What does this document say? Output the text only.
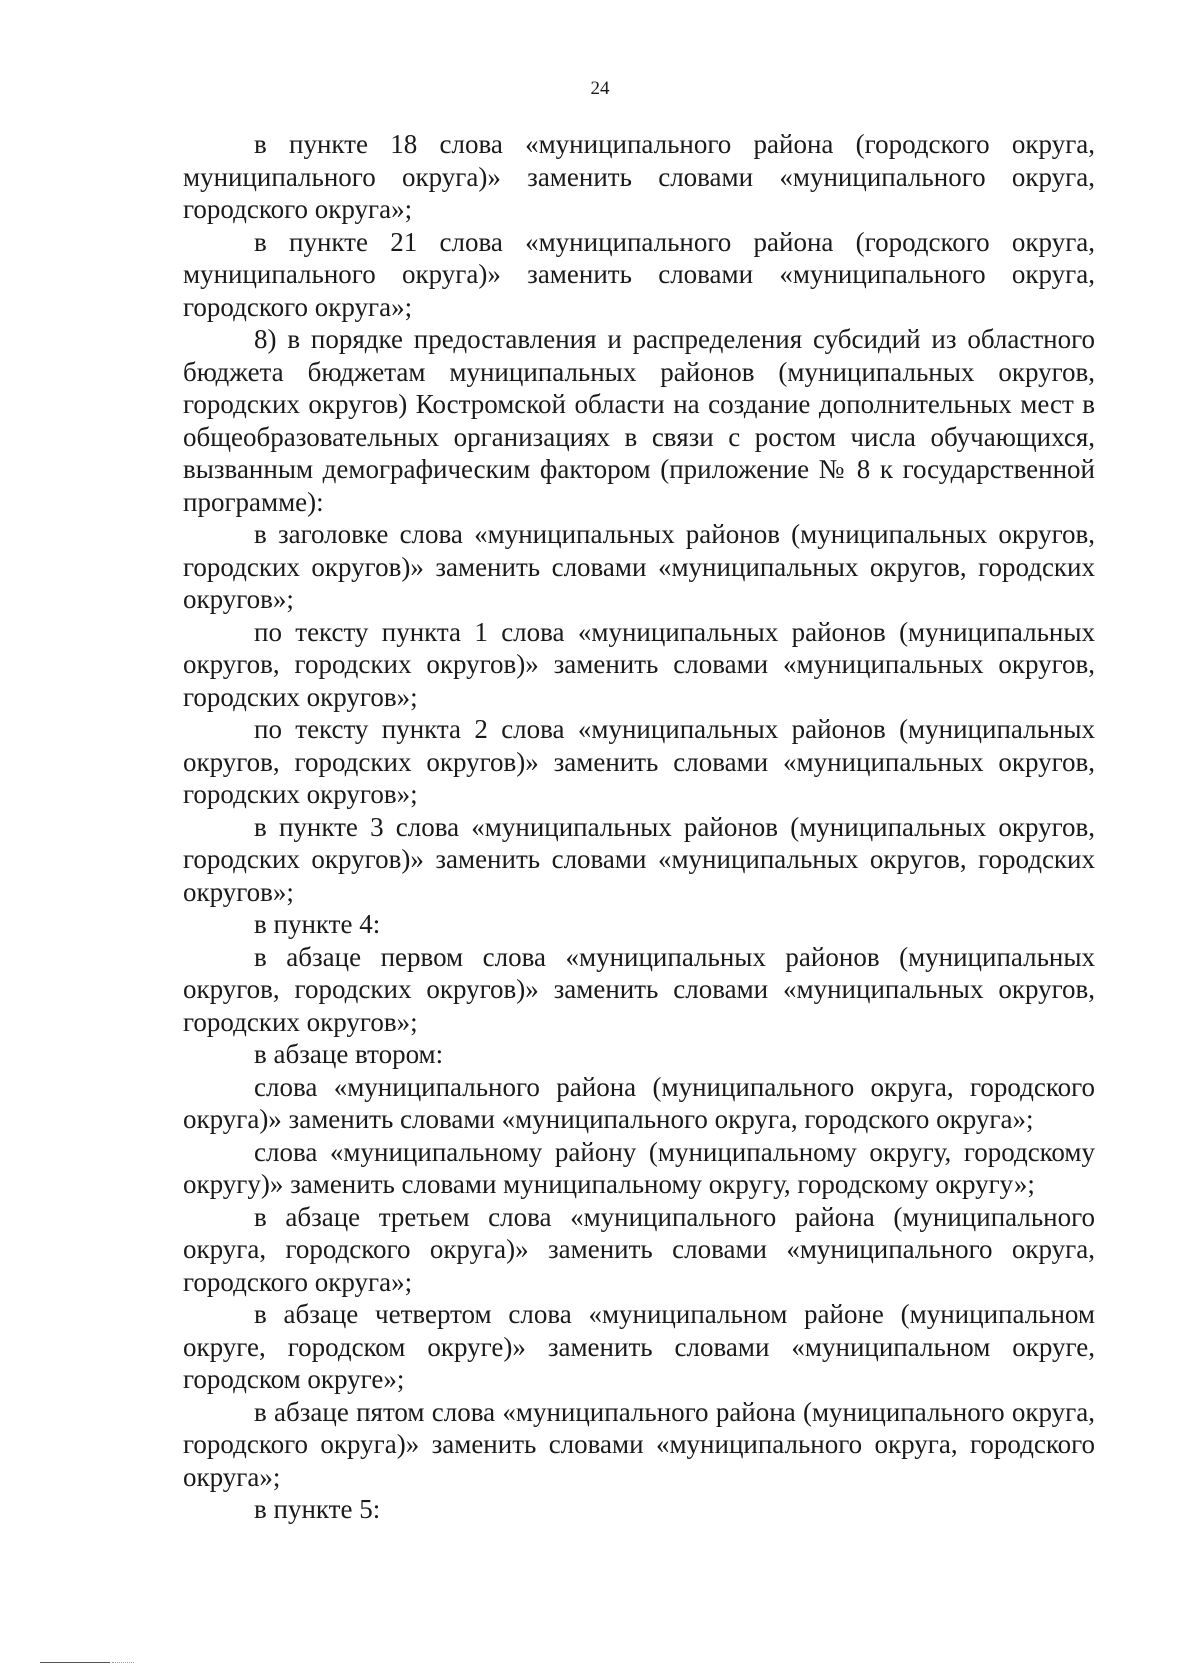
24

в пункте 18 слова «муниципального района (городского округа, муниципального округа)» заменить словами «муниципального округа, городского округа»;

в пункте 21 слова «муниципального района (городского округа, муниципального округа)» заменить словами «муниципального округа, городского округа»;

8) в порядке предоставления и распределения субсидий из областного бюджета бюджетам муниципальных районов (муниципальных округов, городских округов) Костромской области на создание дополнительных мест в общеобразовательных организациях в связи с ростом числа обучающихся, вызванным демографическим фактором (приложение № 8 к государственной программе):

в заголовке слова «муниципальных районов (муниципальных округов, городских округов)» заменить словами «муниципальных округов, городских округов»;

по тексту пункта 1 слова «муниципальных районов (муниципальных округов, городских округов)» заменить словами «муниципальных округов, городских округов»;

по тексту пункта 2 слова «муниципальных районов (муниципальных округов, городских округов)» заменить словами «муниципальных округов, городских округов»;

в пункте 3 слова «муниципальных районов (муниципальных округов, городских округов)» заменить словами «муниципальных округов, городских округов»;

в пункте 4:

в абзаце первом слова «муниципальных районов (муниципальных округов, городских округов)» заменить словами «муниципальных округов, городских округов»;

в абзаце втором:

слова «муниципального района (муниципального округа, городского округа)» заменить словами «муниципального округа, городского округа»;

слова «муниципальному району (муниципальному округу, городскому округу)» заменить словами муниципальному округу, городскому округу»;

в абзаце третьем слова «муниципального района (муниципального округа, городского округа)» заменить словами «муниципального округа, городского округа»;

в абзаце четвертом слова «муниципальном районе (муниципальном округе, городском округе)» заменить словами «муниципальном округе, городском округе»;

в абзаце пятом слова «муниципального района (муниципального округа, городского округа)» заменить словами «муниципального округа, городского округа»;

в пункте 5:
